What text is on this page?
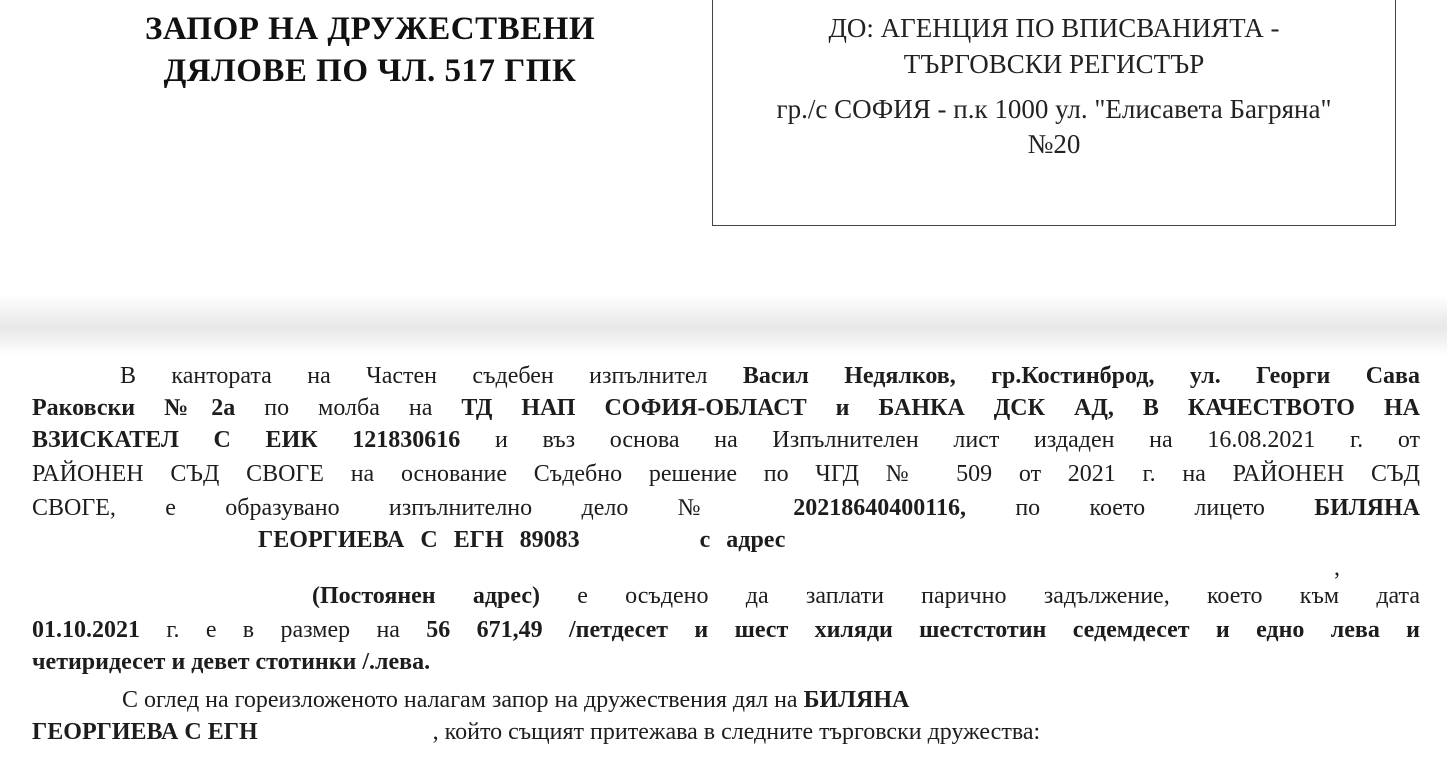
ЗАПОР НА ДРУЖЕСТВЕНИ
ДЯЛОВЕ ПО ЧЛ. 517 ГПК
ДО: АГЕНЦИЯ ПО ВПИСВАНИЯТА -
ТЪРГОВСКИ РЕГИСТЪР
гр./с СОФИЯ - п.к 1000 ул. "Елисавета Багряна"
№20
В кантората на Частен съдебен изпълнител Васил Недялков, гр.Костинброд, ул. Георги Сава
Раковски №2а по молба на ТД НАП СОФИЯ-ОБЛАСТ и БАНКА ДСК АД, В КАЧЕСТВОТО НА
ВЗИСКАТЕЛ С ЕИК 121830616 и въз основа на Изпълнителен лист издаден на 16.08.2021 г. от
РАЙОНЕН СЪД СВОГЕ на основание Съдебно решение по ЧГД № 509 от 2021 г. на РАЙОНЕН СЪД
СВОГЕ, е образувано изпълнително дело № 20218640400116, по което лицето БИЛЯНА
ГЕОРГИЕВА С ЕГН 89083	с адрес
,
(Постоянен адрес) е осъдено да заплати парично задължение, което към дата
01.10.2021 г. е в размер на 56 671,49 /петдесет и шест хиляди шестстотин седемдесет и едно лева и
четиридесет и девет стотинки /.лева.
С оглед на гореизложеното налагам запор на дружествения дял на БИЛЯНА
ГЕОРГИЕВА С ЕГН	, който същият притежава в следните търговски дружества:
